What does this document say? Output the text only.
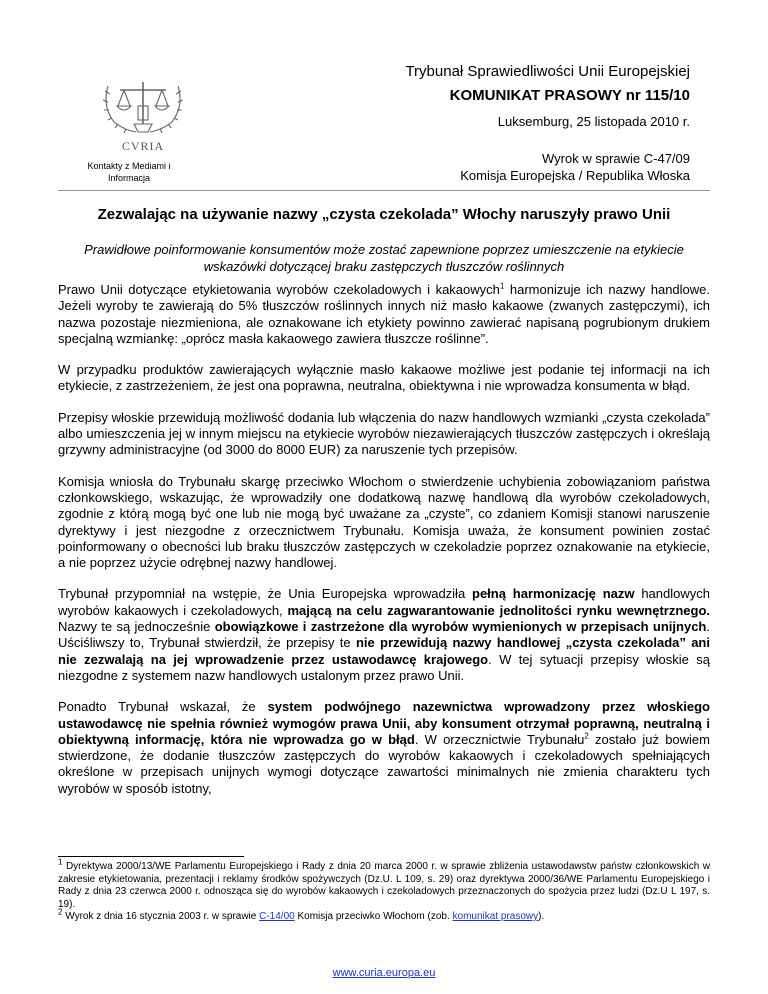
Trybunał Sprawiedliwości Unii Europejskiej
KOMUNIKAT PRASOWY nr 115/10
Luksemburg, 25 listopada 2010 r.
CVRIA
Kontakty z Mediami i
Informacja
Wyrok w sprawie C-47/09
Komisja Europejska / Republika Włoska
Zezwalając na używanie nazwy „czysta czekolada” Włochy naruszyły prawo Unii
Prawidłowe poinformowanie konsumentów może zostać zapewnione poprzez umieszczenie na etykiecie wskazówki dotyczącej braku zastępczych tłuszczów roślinnych

Prawo Unii dotyczące etykietowania wyrobów czekoladowych i kakaowych$^1$ harmonizuje ich nazwy handlowe. Jeżeli wyroby te zawierają do 5% tłuszczów roślinnych innych niż masło kakaowe (zwanych zastępczymi), ich nazwa pozostaje niezmieniona, ale oznakowane ich etykiety powinno zawierać napisaną pogrubionym drukiem specjalną wzmiankę: „oprócz masła kakaowego zawiera tłuszcze roślinne”.

W przypadku produktów zawierających wyłącznie masło kakaowe możliwe jest podanie tej informacji na ich etykiecie, z zastrzeżeniem, że jest ona poprawna, neutralna, obiektywna i nie wprowadza konsumenta w błąd.

Przepisy włoskie przewidują możliwość dodania lub włączenia do nazw handlowych wzmianki „czysta czekolada” albo umieszczenia jej w innym miejscu na etykiecie wyrobów niezawierających tłuszczów zastępczych i określają grzywny administracyjne (od 3000 do 8000 EUR) za naruszenie tych przepisów.

Komisja wniosła do Trybunału skargę przeciwko Włochom o stwierdzenie uchybienia zobowiązaniom państwa członkowskiego, wskazując, że wprowadziły one dodatkową nazwę handlową dla wyrobów czekoladowych, zgodnie z którą mogą być one lub nie mogą być uważane za „czyste”, co zdaniem Komisji stanowi naruszenie dyrektywy i jest niezgodne z orzecznictwem Trybunału. Komisja uważa, że konsument powinien zostać poinformowany o obecności lub braku tłuszczów zastępczych w czekoladzie poprzez oznakowanie na etykiecie, a nie poprzez użycie odrębnej nazwy handlowej.

Trybunał przypomniał na wstępie, że Unia Europejska wprowadziła pełną harmonizację nazw handlowych wyrobów kakaowych i czekoladowych, mającą na celu zagwarantowanie jednolitości rynku wewnętrznego. Nazwy te są jednocześnie obowiązkowe i zastrzeżone dla wyrobów wymienionych w przepisach unijnych. Uściśliwszy to, Trybunał stwierdził, że przepisy te nie przewidują nazwy handlowej „czysta czekolada” ani nie zezwalają na jej wprowadzenie przez ustawodawcę krajowego. W tej sytuacji przepisy włoskie są niezgodne z systemem nazw handlowych ustalonym przez prawo Unii.

Ponadto Trybunał wskazał, że system podwójnego nazewnictwa wprowadzony przez włoskiego ustawodawcę nie spełnia również wymogów prawa Unii, aby konsument otrzymał poprawną, neutralną i obiektywną informację, która nie wprowadza go w błąd. W orzecznictwie Trybunału$^2$ zostało już bowiem stwierdzone, że dodanie tłuszczów zastępczych do wyrobów kakaowych i czekoladowych spełniających określone w przepisach unijnych wymogi dotyczące zawartości minimalnych nie zmienia charakteru tych wyrobów w sposób istotny,

$^1$ Dyrektywa 2000/13/WE Parlamentu Europejskiego i Rady z dnia 20 marca 2000 r. w sprawie zbliżenia ustawodawstw państw członkowskich w zakresie etykietowania, prezentacji i reklamy środków spożywczych (Dz.U. L 109, s. 29) oraz dyrektywa 2000/36/WE Parlamentu Europejskiego i Rady z dnia 23 czerwca 2000 r. odnosząca się do wyrobów kakaowych i czekoladowych przeznaczonych do spożycia przez ludzi (Dz.U L 197, s. 19).

$^2$ Wyrok z dnia 16 stycznia 2003 r. w sprawie C-14/00 Komisja przeciwko Włochom (zob. komunikat prasowy).

www.curia.europa.eu
